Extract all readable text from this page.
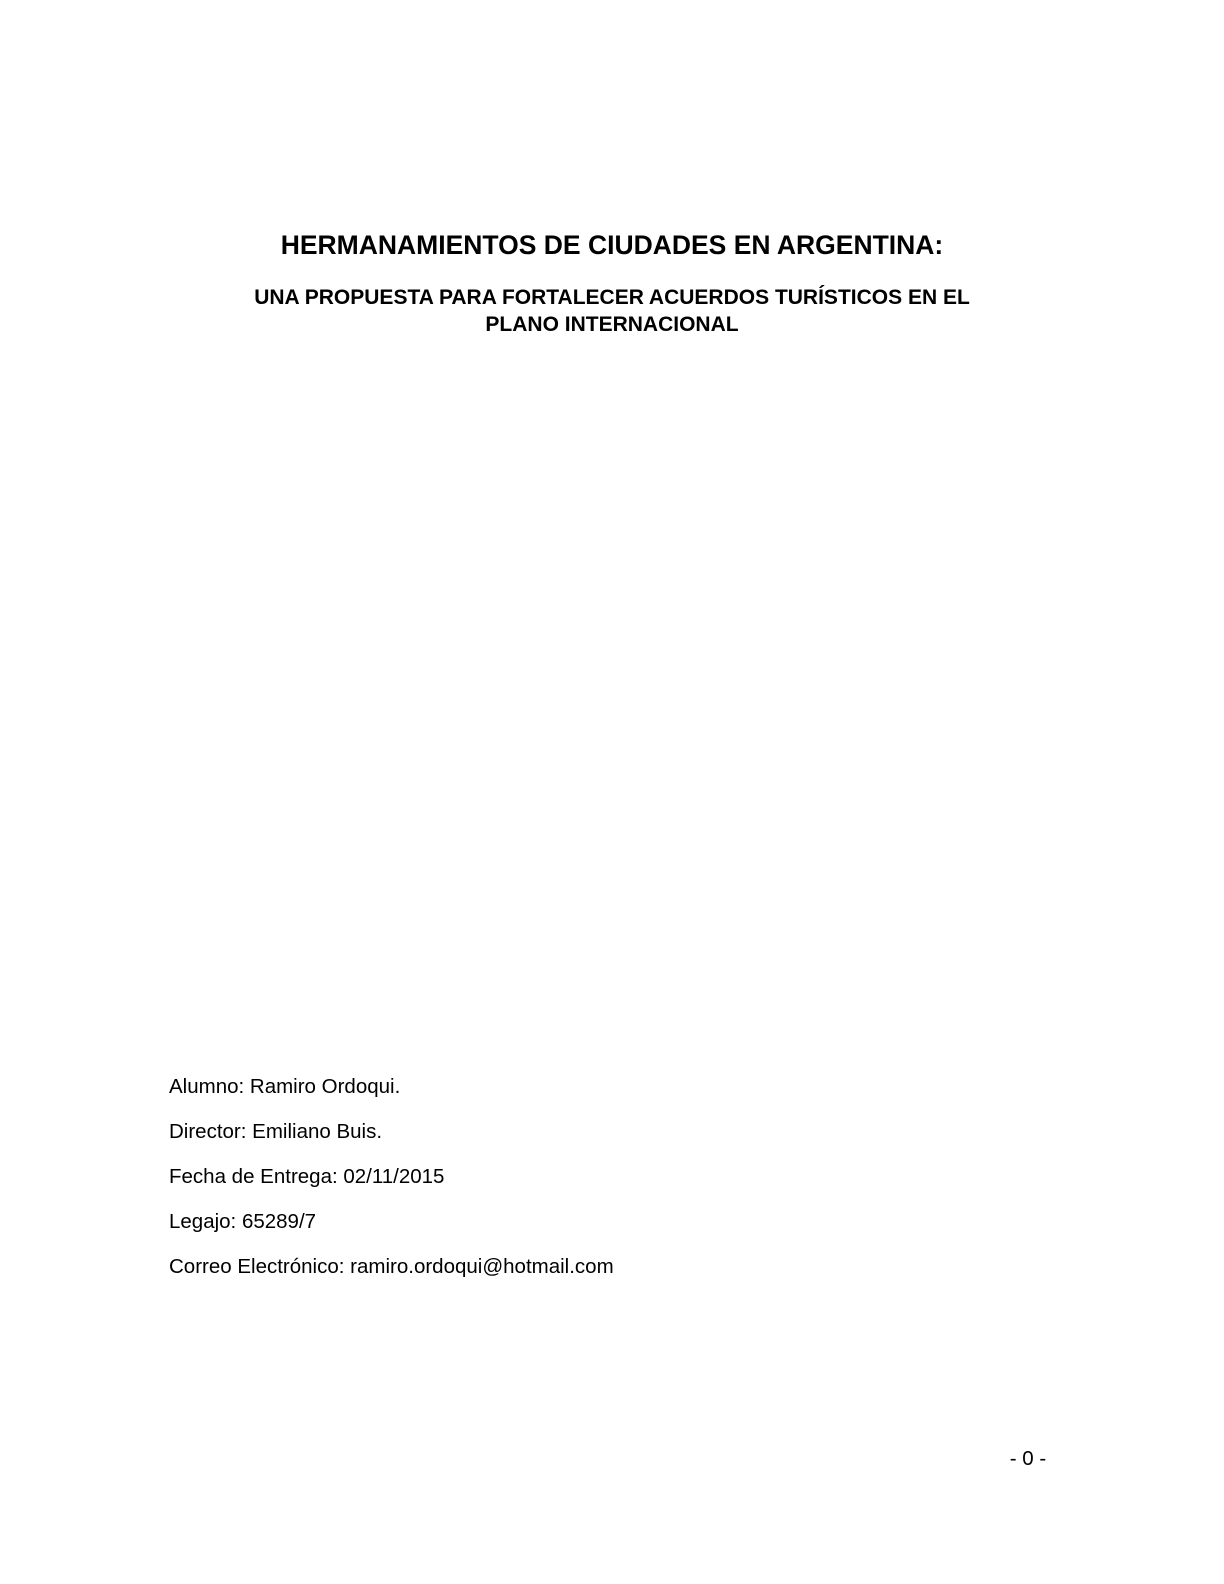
HERMANAMIENTOS DE CIUDADES EN ARGENTINA:
UNA PROPUESTA PARA FORTALECER ACUERDOS TURÍSTICOS EN EL
PLANO INTERNACIONAL
Alumno: Ramiro Ordoqui.
Director: Emiliano Buis.
Fecha de Entrega: 02/11/2015
Legajo: 65289/7
Correo Electrónico: ramiro.ordoqui@hotmail.com
- 0 -
